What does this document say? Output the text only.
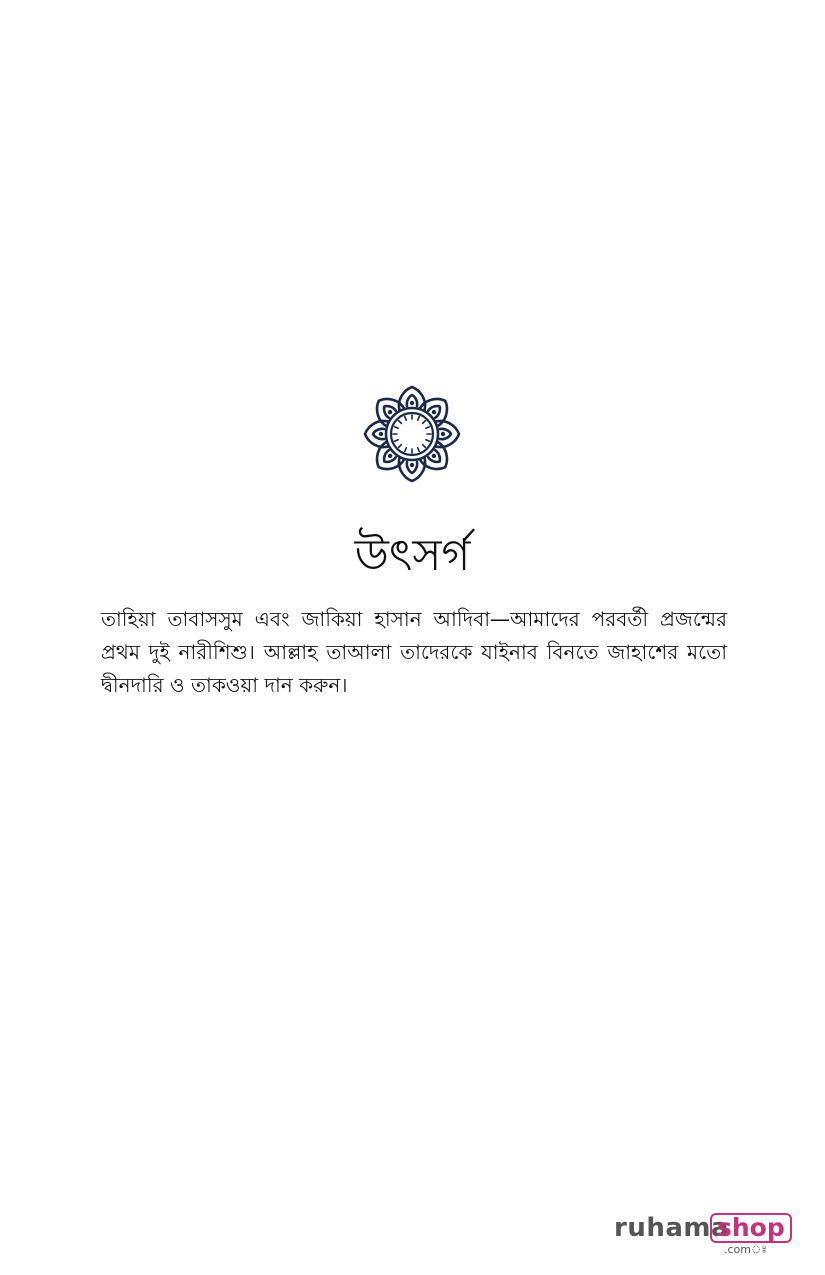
উৎসর্গ

তাহিয়া তাবাসসুম এবং জাকিয়া হাসান আদিবা—আমাদের পরবর্তী প্রজন্মের প্রথম দুই নারীশিশু। আল্লাহ তাআলা তাদেরকে যাইনাব বিনতে জাহাশের মতো দ্বীনদারি ও তাকওয়া দান করুন।

ruhama
shop
.comঃ
